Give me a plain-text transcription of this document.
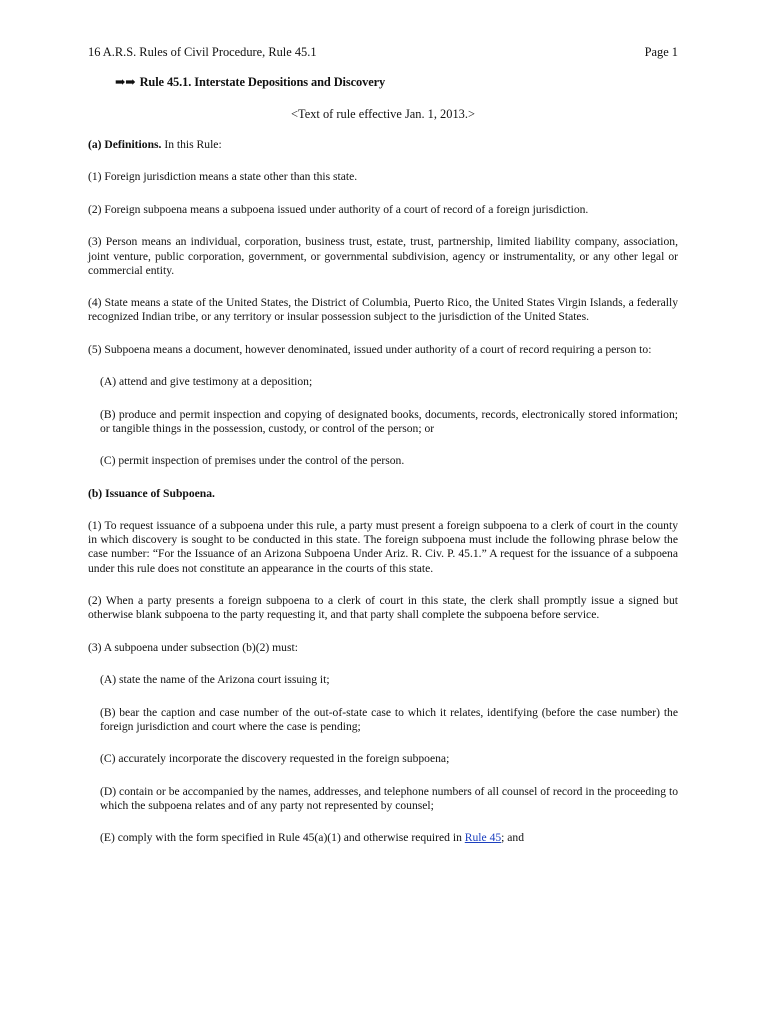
16 A.R.S. Rules of Civil Procedure, Rule 45.1	Page 1
➡➡ Rule 45.1. Interstate Depositions and Discovery
<Text of rule effective Jan. 1, 2013.>

(a) Definitions. In this Rule:

(1) Foreign jurisdiction means a state other than this state.

(2) Foreign subpoena means a subpoena issued under authority of a court of record of a foreign jurisdiction.

(3) Person means an individual, corporation, business trust, estate, trust, partnership, limited liability company, association, joint venture, public corporation, government, or governmental subdivision, agency or instrumentality, or any other legal or commercial entity.

(4) State means a state of the United States, the District of Columbia, Puerto Rico, the United States Virgin Islands, a federally recognized Indian tribe, or any territory or insular possession subject to the jurisdiction of the United States.

(5) Subpoena means a document, however denominated, issued under authority of a court of record requiring a person to:

(A) attend and give testimony at a deposition;

(B) produce and permit inspection and copying of designated books, documents, records, electronically stored information; or tangible things in the possession, custody, or control of the person; or

(C) permit inspection of premises under the control of the person.

(b) Issuance of Subpoena.

(1) To request issuance of a subpoena under this rule, a party must present a foreign subpoena to a clerk of court in the county in which discovery is sought to be conducted in this state. The foreign subpoena must include the following phrase below the case number: “For the Issuance of an Arizona Subpoena Under Ariz. R. Civ. P. 45.1.” A request for the issuance of a subpoena under this rule does not constitute an appearance in the courts of this state.

(2) When a party presents a foreign subpoena to a clerk of court in this state, the clerk shall promptly issue a signed but otherwise blank subpoena to the party requesting it, and that party shall complete the subpoena before service.

(3) A subpoena under subsection (b)(2) must:

(A) state the name of the Arizona court issuing it;

(B) bear the caption and case number of the out-of-state case to which it relates, identifying (before the case number) the foreign jurisdiction and court where the case is pending;

(C) accurately incorporate the discovery requested in the foreign subpoena;

(D) contain or be accompanied by the names, addresses, and telephone numbers of all counsel of record in the proceeding to which the subpoena relates and of any party not represented by counsel;

(E) comply with the form specified in Rule 45(a)(1) and otherwise required in Rule 45; and
